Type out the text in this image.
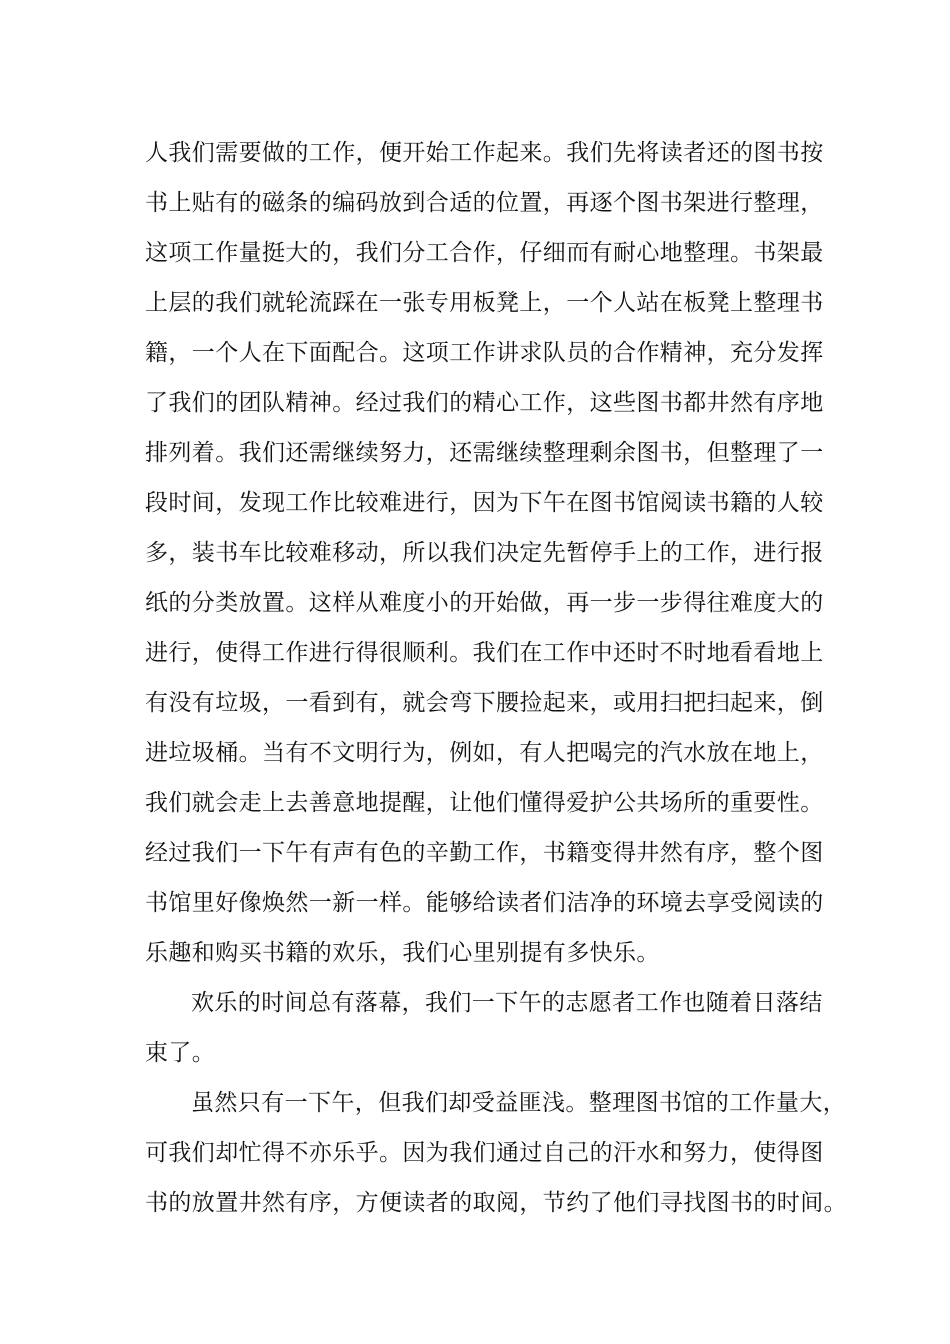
人我们需要做的工作，便开始工作起来。我们先将读者还的图书按
书上贴有的磁条的编码放到合适的位置，再逐个图书架进行整理，
这项工作量挺大的，我们分工合作，仔细而有耐心地整理。书架最
上层的我们就轮流踩在一张专用板凳上，一个人站在板凳上整理书
籍，一个人在下面配合。这项工作讲求队员的合作精神，充分发挥
了我们的团队精神。经过我们的精心工作，这些图书都井然有序地
排列着。我们还需继续努力，还需继续整理剩余图书，但整理了一
段时间，发现工作比较难进行，因为下午在图书馆阅读书籍的人较
多，装书车比较难移动，所以我们决定先暂停手上的工作，进行报
纸的分类放置。这样从难度小的开始做，再一步一步得往难度大的
进行，使得工作进行得很顺利。我们在工作中还时不时地看看地上
有没有垃圾，一看到有，就会弯下腰捡起来，或用扫把扫起来，倒
进垃圾桶。当有不文明行为，例如，有人把喝完的汽水放在地上，
我们就会走上去善意地提醒，让他们懂得爱护公共场所的重要性。
经过我们一下午有声有色的辛勤工作，书籍变得井然有序，整个图
书馆里好像焕然一新一样。能够给读者们洁净的环境去享受阅读的
乐趣和购买书籍的欢乐，我们心里别提有多快乐。
欢乐的时间总有落幕，我们一下午的志愿者工作也随着日落结
束了。
虽然只有一下午，但我们却受益匪浅。整理图书馆的工作量大，
可我们却忙得不亦乐乎。因为我们通过自己的汗水和努力，使得图
书的放置井然有序，方便读者的取阅，节约了他们寻找图书的时间。
